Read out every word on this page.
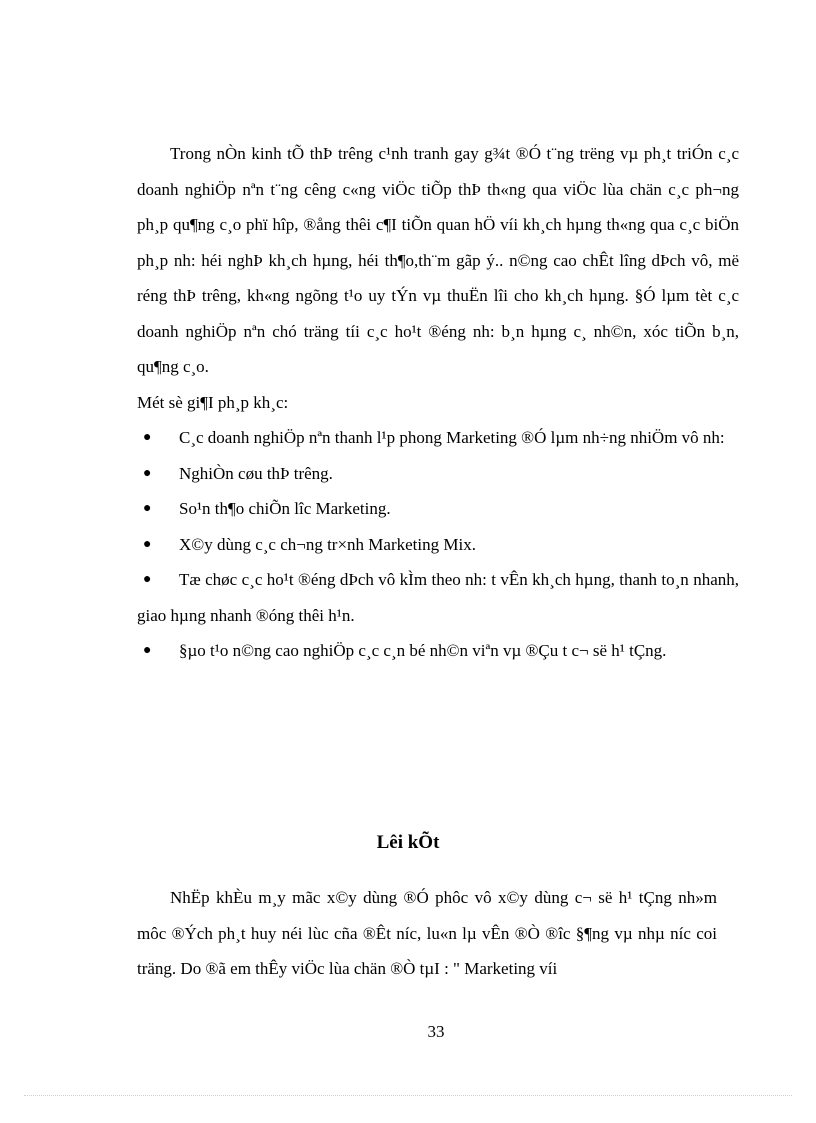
Trong nÒn kinh tÕ thÞ trêng c¹nh tranh gay g¾t ®Ó t¨ng trëng vµ ph¸t triÓn c¸c doanh nghiÖp nªn t¨ng cêng c«ng viÖc tiÕp thÞ th«ng qua viÖc lùa chän c¸c ph¬ng ph¸p qu¶ng c¸o phï hîp, ®ång thêi c¶I tiÕn quan hÖ víi kh¸ch hµng th«ng qua c¸c biÖn ph¸p nh: héi nghÞ kh¸ch hµng, héi th¶o,th¨m gãp ý.. n©ng cao chÊt lîng dÞch vô, më réng thÞ trêng, kh«ng ngõng t¹o uy tÝn vµ thuËn lîi cho kh¸ch hµng. §Ó lµm tèt c¸c doanh nghiÖp nªn chó träng tíi c¸c ho¹t ®éng nh: b¸n hµng c¸ nh©n, xóc tiÕn b¸n, qu¶ng c¸o.

Mét sè gi¶I ph¸p kh¸c:

● C¸c doanh nghiÖp nªn thanh l¹p phong Marketing ®Ó lµm nh÷ng nhiÖm vô nh:
● NghiÒn cøu thÞ trêng.
● So¹n th¶o chiÕn lîc Marketing.
● X©y dùng c¸c ch¬ng tr×nh Marketing Mix.
● Tæ chøc c¸c ho¹t ®éng dÞch vô kÌm theo nh: t vÊn kh¸ch hµng, thanh to¸n nhanh, giao hµng nhanh ®óng thêi h¹n.
● §µo t¹o n©ng cao nghiÖp c¸c c¸n bé nh©n viªn vµ ®Çu t c¬ së h¹ tÇng.
Lêi kÕt

NhËp khÈu m¸y mãc x©y dùng ®Ó phôc vô x©y dùng c¬ së h¹ tÇng nh»m môc ®Ých ph¸t huy néi lùc cña ®Êt níc, lu«n lµ vÊn ®Ò ®îc §¶ng vµ nhµ níc coi träng. Do ®ã em thÊy viÖc lùa chän ®Ò tµI : " Marketing víi

33
